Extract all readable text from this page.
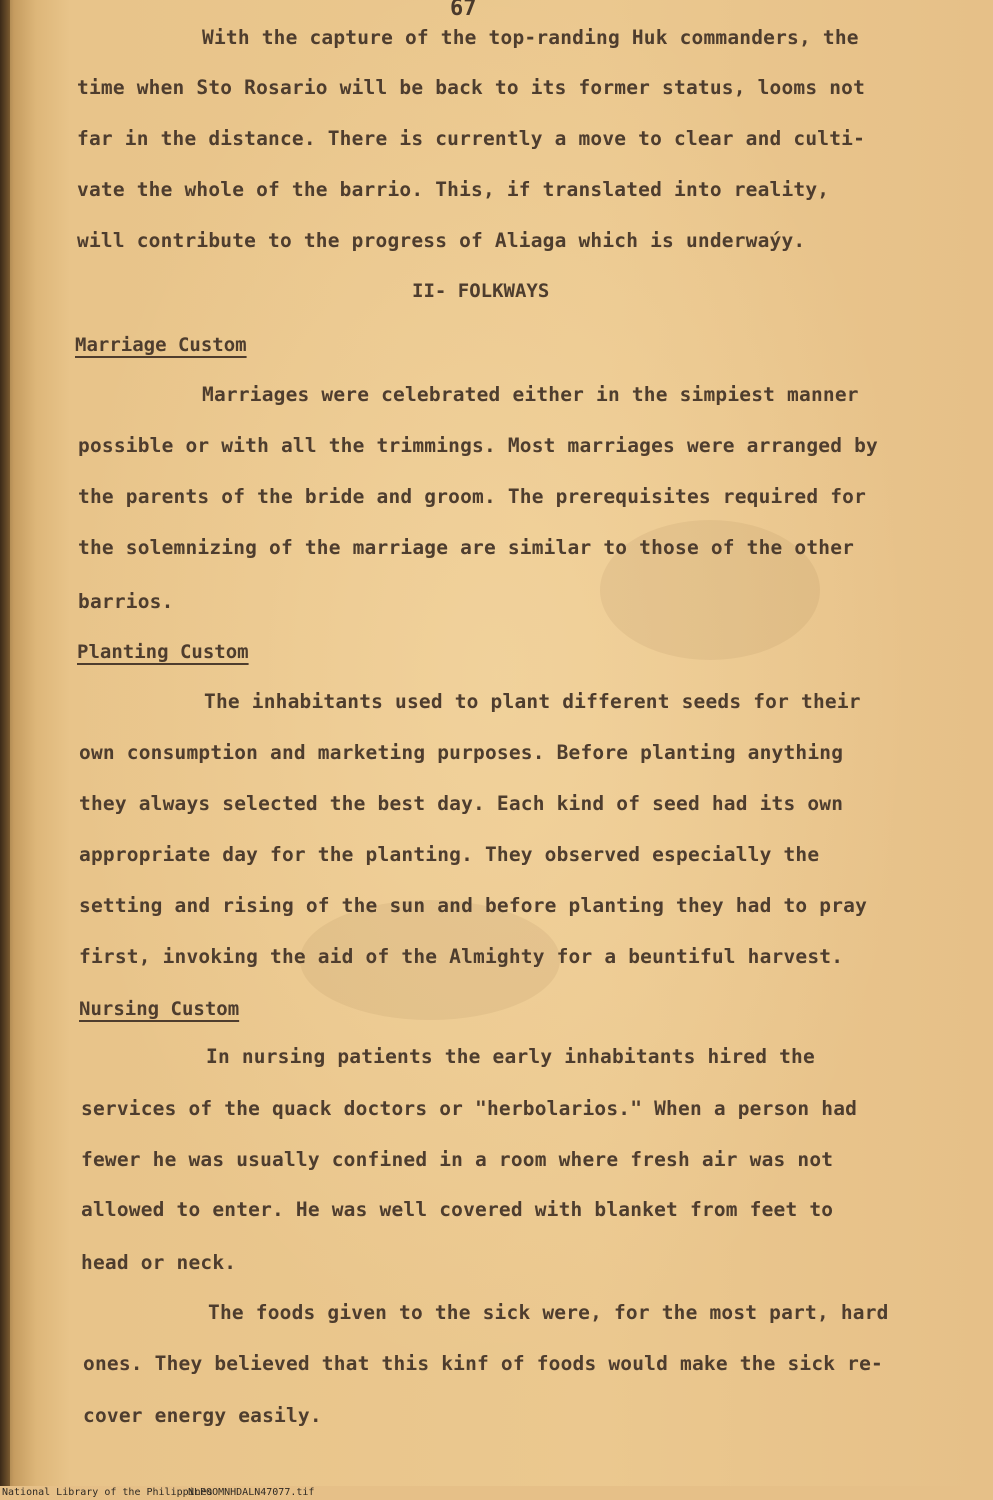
67
With the capture of the top-randing Huk commanders, the
time when Sto Rosario will be back to its former status, looms not
far in the distance. There is currently a move to clear and culti-
vate the whole of the barrio. This, if translated into reality,
will contribute to the progress of Aliaga which is underwaýy.
II- FOLKWAYS
Marriage Custom
Marriages were celebrated either in the simpiest manner
possible or with all the trimmings. Most marriages were arranged by
the parents of the bride and groom. The prerequisites required for
the solemnizing of the marriage are similar to those of the other
barrios.
Planting Custom
The inhabitants used to plant different seeds for their
own consumption and marketing purposes. Before planting anything
they always selected the best day. Each kind of seed had its own
appropriate day for the planting. They observed especially the
setting and rising of the sun and before planting they had to pray
first, invoking the aid of the Almighty for a beuntiful harvest.
Nursing Custom
In nursing patients the early inhabitants hired the
services of the quack doctors or "herbolarios." When a person had
fewer he was usually confined in a room where fresh air was not
allowed to enter. He was well covered with blanket from feet to
head or neck.
The foods given to the sick were, for the most part, hard
ones. They believed that this kinf of foods would make the sick re-
cover energy easily.
National Library of the Philippines
NLPOOMNHDALN47077.tif
